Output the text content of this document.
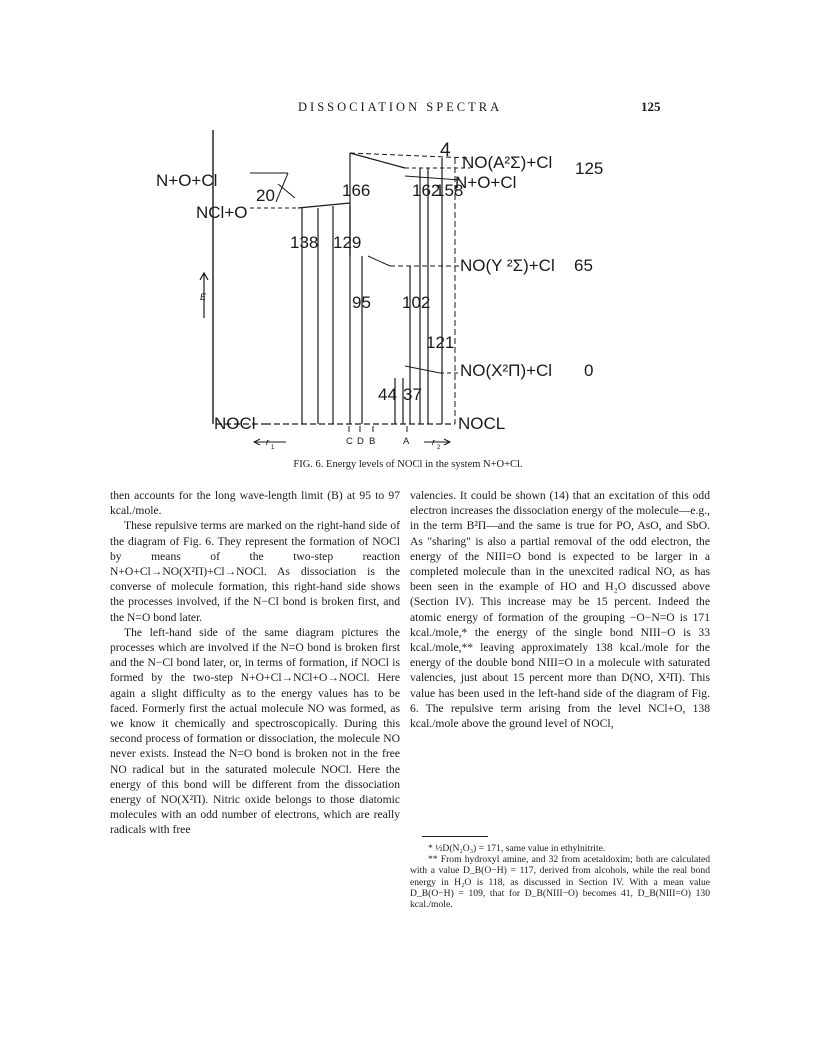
DISSOCIATION SPECTRA	125
N+O+Cl
20
NCl+O
166
4
162
158
NO(A²Σ)+Cl
N+O+Cl
125
138 129
NO(Y ²Σ)+Cl 65
95 102
121
NO(X²Π)+Cl 0
44 37
NOCl	NOCL
C D B	A
r
1
r
2
E
FIG. 6. Energy levels of NOCl in the system N+O+Cl.

then accounts for the long wave-length limit (B) at 95 to 97 kcal./mole.

These repulsive terms are marked on the right-hand side of the diagram of Fig. 6. They represent the formation of NOCl by means of the two-step reaction N+O+Cl→NO(X²Π)+Cl→NOCl. As dissociation is the converse of molecule formation, this right-hand side shows the processes involved, if the N−Cl bond is broken first, and the N=O bond later.

The left-hand side of the same diagram pictures the processes which are involved if the N=O bond is broken first and the N−Cl bond later, or, in terms of formation, if NOCl is formed by the two-step N+O+Cl→NCl+O→NOCl. Here again a slight difficulty as to the energy values has to be faced. Formerly first the actual molecule NO was formed, as we know it chemically and spectroscopically. During this second process of formation or dissociation, the molecule NO never exists. Instead the N=O bond is broken not in the free NO radical but in the saturated molecule NOCl. Here the energy of this bond will be different from the dissociation energy of NO(X²Π). Nitric oxide belongs to those diatomic molecules with an odd number of electrons, which are really radicals with free

valencies. It could be shown (14) that an excitation of this odd electron increases the dissociation energy of the molecule—e.g., in the term B²Π—and the same is true for PO, AsO, and SbO. As "sharing" is also a partial removal of the odd electron, the energy of the NIII=O bond is expected to be larger in a completed molecule than in the unexcited radical NO, as has been seen in the example of HO and H₂O discussed above (Section IV). This increase may be 15 percent. Indeed the atomic energy of formation of the grouping −O−N=O is 171 kcal./mole,* the energy of the single bond NIII−O is 33 kcal./mole,** leaving approximately 138 kcal./mole for the energy of the double bond NIII=O in a molecule with saturated valencies, just about 15 percent more than D(NO, X²Π). This value has been used in the left-hand side of the diagram of Fig. 6. The repulsive term arising from the level NCl+O, 138 kcal./mole above the ground level of NOCl,

* ½D(N₂O₃) = 171, same value in ethylnitrite.

** From hydroxyl amine, and 32 from acetaldoxim; both are calculated with a value D_B(O−H) = 117, derived from alcohols, while the real bond energy in H₂O is 118, as discussed in Section IV. With a mean value D_B(O−H) = 109, that for D_B(NIII−O) becomes 41, D_B(NIII=O) 130 kcal./mole.
